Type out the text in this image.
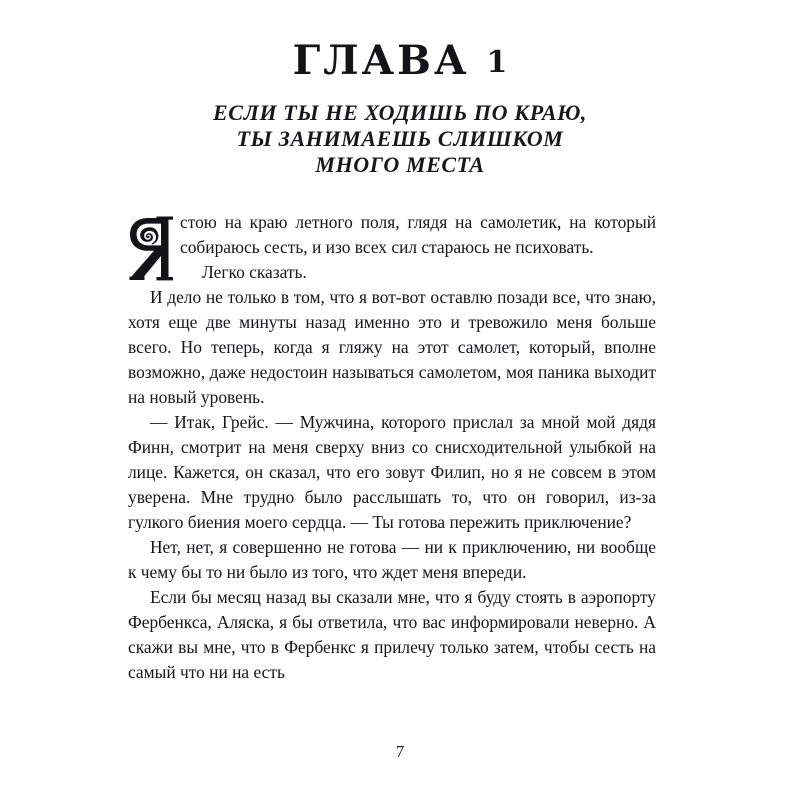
ГЛАВА 1
ЕСЛИ ТЫ НЕ ХОДИШЬ ПО КРАЮ,
ТЫ ЗАНИМАЕШЬ СЛИШКОМ
МНОГО МЕСТА

стою на краю летного поля, глядя на самолетик, на который собираюсь сесть, и изо всех сил стараюсь не психовать.

Легко сказать.

И дело не только в том, что я вот-вот оставлю позади все, что знаю, хотя еще две минуты назад именно это и тревожило меня больше всего. Но теперь, когда я гляжу на этот самолет, который, вполне возможно, даже недостоин называться самолетом, моя паника выходит на новый уровень.

— Итак, Грейс. — Мужчина, которого прислал за мной мой дядя Финн, смотрит на меня сверху вниз со снисходительной улыбкой на лице. Кажется, он сказал, что его зовут Филип, но я не совсем в этом уверена. Мне трудно было расслышать то, что он говорил, из-за гулкого биения моего сердца. — Ты готова пережить приключение?

Нет, нет, я совершенно не готова — ни к приключению, ни вообще к чему бы то ни было из того, что ждет меня впереди.

Если бы месяц назад вы сказали мне, что я буду стоять в аэропорту Фербенкса, Аляска, я бы ответила, что вас информировали неверно. А скажи вы мне, что в Фербенкс я прилечу только затем, чтобы сесть на самый что ни на есть

7
